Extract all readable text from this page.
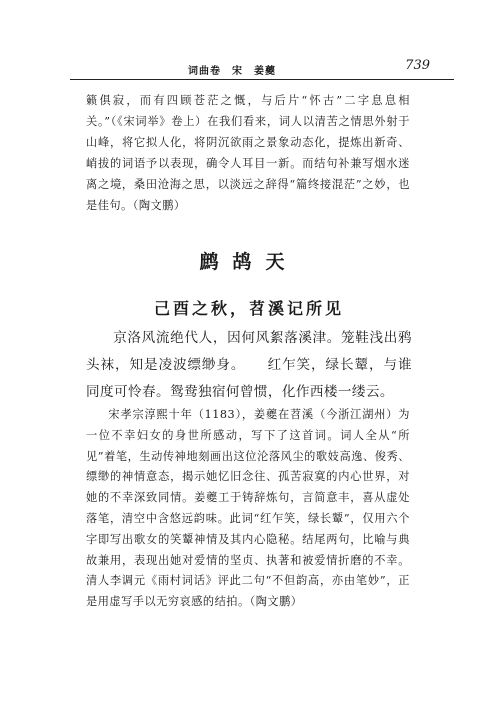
词曲卷　宋　姜夔	739

籁俱寂，而有四顾苍茫之慨，与后片“怀古”二字息息相关。”（《宋词举》卷上）在我们看来，词人以清苦之情思外射于山峰，将它拟人化，将阴沉欲雨之景象动态化，提炼出新奇、峭拔的词语予以表现，确令人耳目一新。而结句补兼写烟水迷离之境，桑田沧海之思，以淡远之辞得“篇终接混茫”之妙，也是佳句。（陶文鹏）

鹧鸪天
己酉之秋，苕溪记所见

京洛风流绝代人，因何风絮落溪津。笼鞋浅出鸦头袜，知是凌波缥缈身。　　红乍笑，绿长颦，与谁同度可怜春。鸳鸯独宿何曾惯，化作西楼一缕云。

宋孝宗淳熙十年（1183），姜夔在苕溪（今浙江湖州）为一位不幸妇女的身世所感动，写下了这首词。词人全从“所见”着笔，生动传神地刻画出这位沦落风尘的歌妓高逸、俊秀、缥缈的神情意态，揭示她忆旧念往、孤苦寂寞的内心世界，对她的不幸深致同情。姜夔工于铸辞炼句，言简意丰，喜从虚处落笔，清空中含悠远韵味。此词“红乍笑，绿长颦”，仅用六个字即写出歌女的笑颦神情及其内心隐秘。结尾两句，比喻与典故兼用，表现出她对爱情的坚贞、执著和被爱情折磨的不幸。清人李调元《雨村词话》评此二句“不但韵高，亦由笔妙”，正是用虚写手以无穷哀感的结拍。（陶文鹏）
